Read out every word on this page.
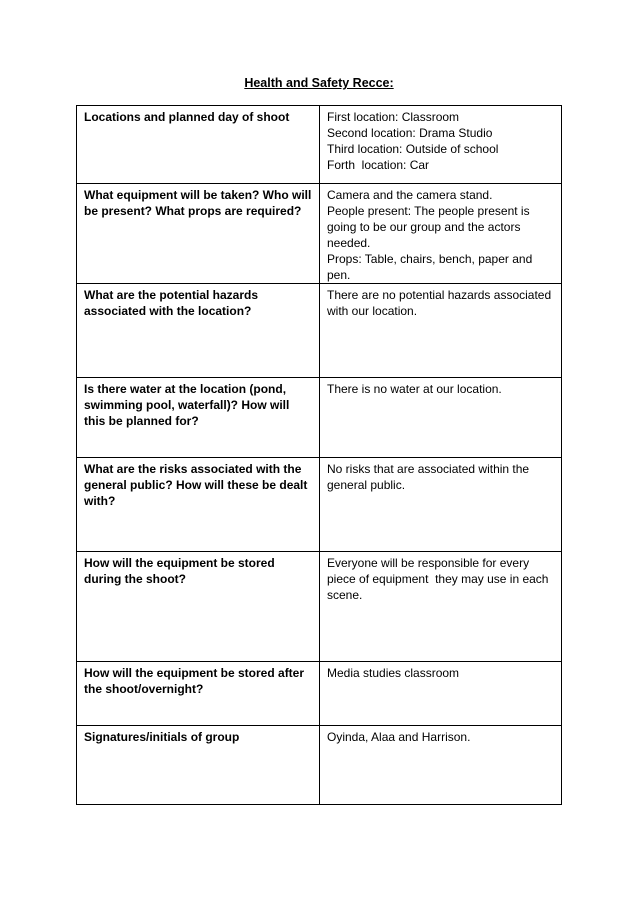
Health and Safety Recce:
Locations and planned day of shoot	First location: Classroom
Second location: Drama Studio
Third location: Outside of school
Forth  location: Car

What equipment will be taken? Who will be present? What props are required?	Camera and the camera stand.
People present: The people present is going to be our group and the actors needed.
Props: Table, chairs, bench, paper and pen.

What are the potential hazards associated with the location?	There are no potential hazards associated with our location.

Is there water at the location (pond, swimming pool, waterfall)? How will this be planned for?	There is no water at our location.

What are the risks associated with the general public? How will these be dealt with?	No risks that are associated within the general public.

How will the equipment be stored during the shoot?	Everyone will be responsible for every piece of equipment  they may use in each scene.

How will the equipment be stored after the shoot/overnight?	Media studies classroom

Signatures/initials of group	Oyinda, Alaa and Harrison.
